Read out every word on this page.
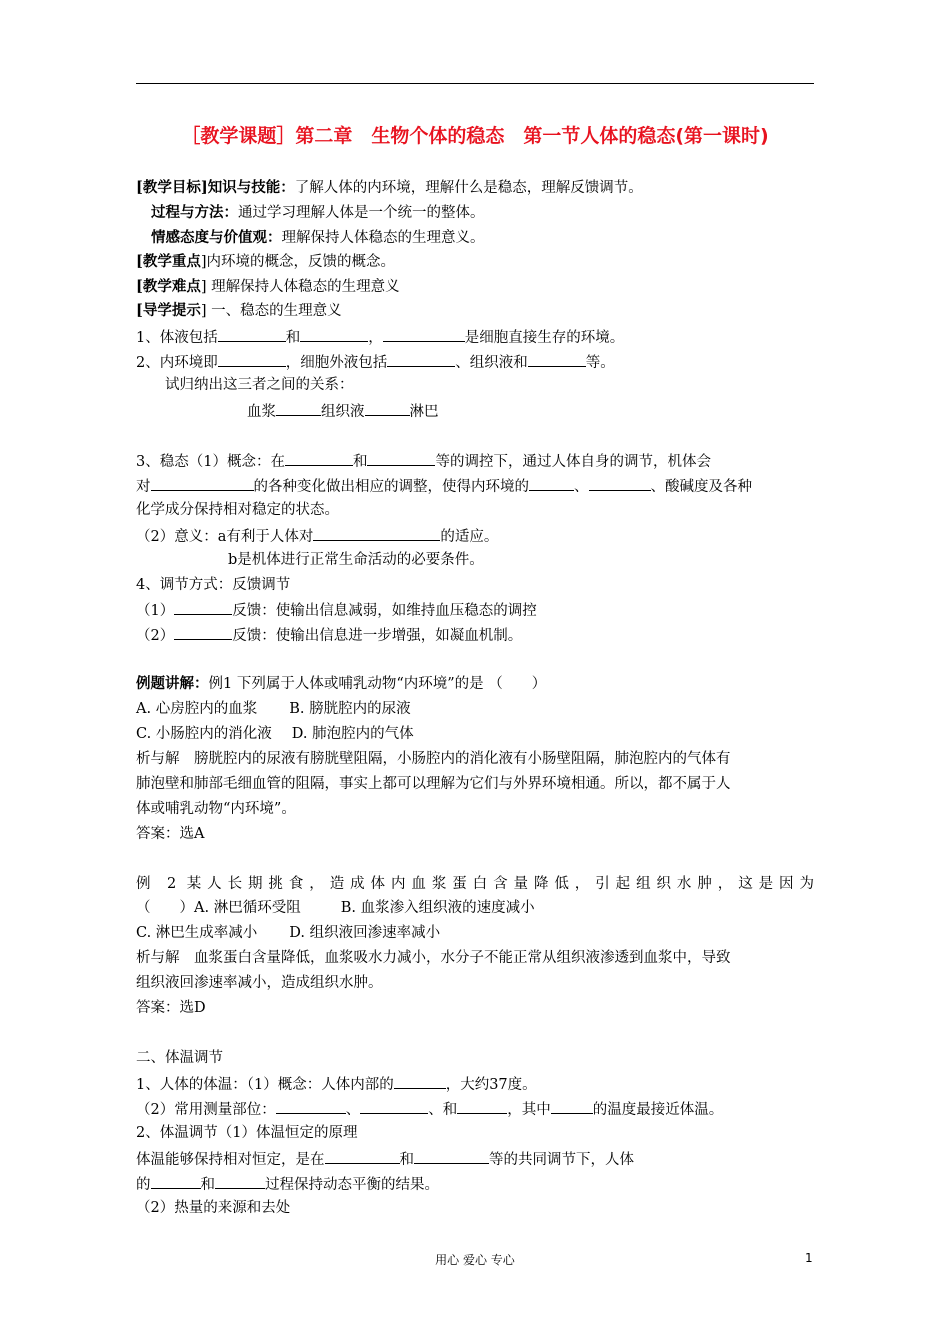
［教学课题］第二章　生物个体的稳态　第一节人体的稳态(第一课时)
[教学目标]知识与技能：了解人体的内环境，理解什么是稳态，理解反馈调节。
过程与方法：通过学习理解人体是一个统一的整体。
情感态度与价值观：理解保持人体稳态的生理意义。
[教学重点]内环境的概念，反馈的概念。
[教学难点] 理解保持人体稳态的生理意义
[导学提示] 一、稳态的生理意义
1、体液包括	和	，	是细胞直接生存的环境。
2、内环境即	，细胞外液包括	、组织液和	等。
试归纳出这三者之间的关系：
血浆	组织液	淋巴
3、稳态（1）概念：在	和	等的调控下，通过人体自身的调节，机体会
对	的各种变化做出相应的调整，使得内环境的	、	、酸碱度及各种
化学成分保持相对稳定的状态。
（2）意义：a有利于人体对	的适应。
b是机体进行正常生命活动的必要条件。
4、调节方式：反馈调节
（1）	反馈：使输出信息减弱，如维持血压稳态的调控
（2）	反馈：使输出信息进一步增强，如凝血机制。
例题讲解：例1 下列属于人体或哺乳动物“内环境”的是 （　　）
A. 心房腔内的血浆 B. 膀胱腔内的尿液
C. 小肠腔内的消化液 D. 肺泡腔内的气体
析与解　膀胱腔内的尿液有膀胱壁阻隔，小肠腔内的消化液有小肠壁阻隔，肺泡腔内的气体有
肺泡壁和肺部毛细血管的阻隔，事实上都可以理解为它们与外界环境相通。所以，都不属于人
体或哺乳动物“内环境”。
答案：选A
例 2 某人长期挑食，造成体内血浆蛋白含量降低，引起组织水肿，这是因为
（　　）A. 淋巴循环受阻	B. 血浆渗入组织液的速度减小
C. 淋巴生成率减小 D. 组织液回渗速率减小
析与解　血浆蛋白含量降低，血浆吸水力减小，水分子不能正常从组织液渗透到血浆中，导致
组织液回渗速率减小，造成组织水肿。
答案：选D
二、体温调节
1、人体的体温：（1）概念：人体内部的	，大约37度。
（2）常用测量部位：	、	、和	，其中	的温度最接近体温。
2、体温调节（1）体温恒定的原理
体温能够保持相对恒定，是在	和	等的共同调节下，人体
的	和	过程保持动态平衡的结果。
（2）热量的来源和去处
用心 爱心 专心	1
